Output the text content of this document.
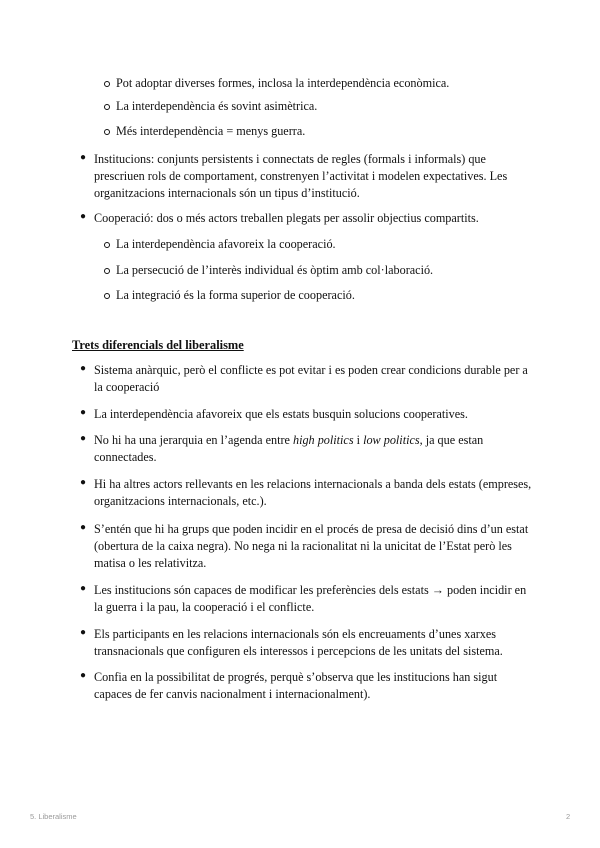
Pot adoptar diverses formes, inclosa la interdependència econòmica.
La interdependència és sovint asimètrica.
Més interdependència = menys guerra.
● Institucions: conjunts persistents i connectats de regles (formals i informals) que
prescriuen rols de comportament, constrenyen l’activitat i modelen expectatives. Les
organitzacions internacionals són un tipus d’institució.
● Cooperació: dos o més actors treballen plegats per assolir objectius compartits.
La interdependència afavoreix la cooperació.
La persecució de l’interès individual és òptim amb col·laboració.
La integració és la forma superior de cooperació.
Trets diferencials del liberalisme
● Sistema anàrquic, però el conflicte es pot evitar i es poden crear condicions durable per a
la cooperació
● La interdependència afavoreix que els estats busquin solucions cooperatives.
● No hi ha una jerarquia en l’agenda entre high politics i low politics, ja que estan
connectades.
● Hi ha altres actors rellevants en les relacions internacionals a banda dels estats (empreses,
organitzacions internacionals, etc.).
● S’entén que hi ha grups que poden incidir en el procés de presa de decisió dins d’un estat
(obertura de la caixa negra). No nega ni la racionalitat ni la unicitat de l’Estat però les
matisa o les relativitza.
● Les institucions són capaces de modificar les preferències dels estats → poden incidir en
la guerra i la pau, la cooperació i el conflicte.
● Els participants en les relacions internacionals són els encreuaments d’unes xarxes
transnacionals que configuren els interessos i percepcions de les unitats del sistema.
● Confia en la possibilitat de progrés, perquè s’observa que les institucions han sigut
capaces de fer canvis nacionalment i internacionalment).
5. Liberalisme	2
